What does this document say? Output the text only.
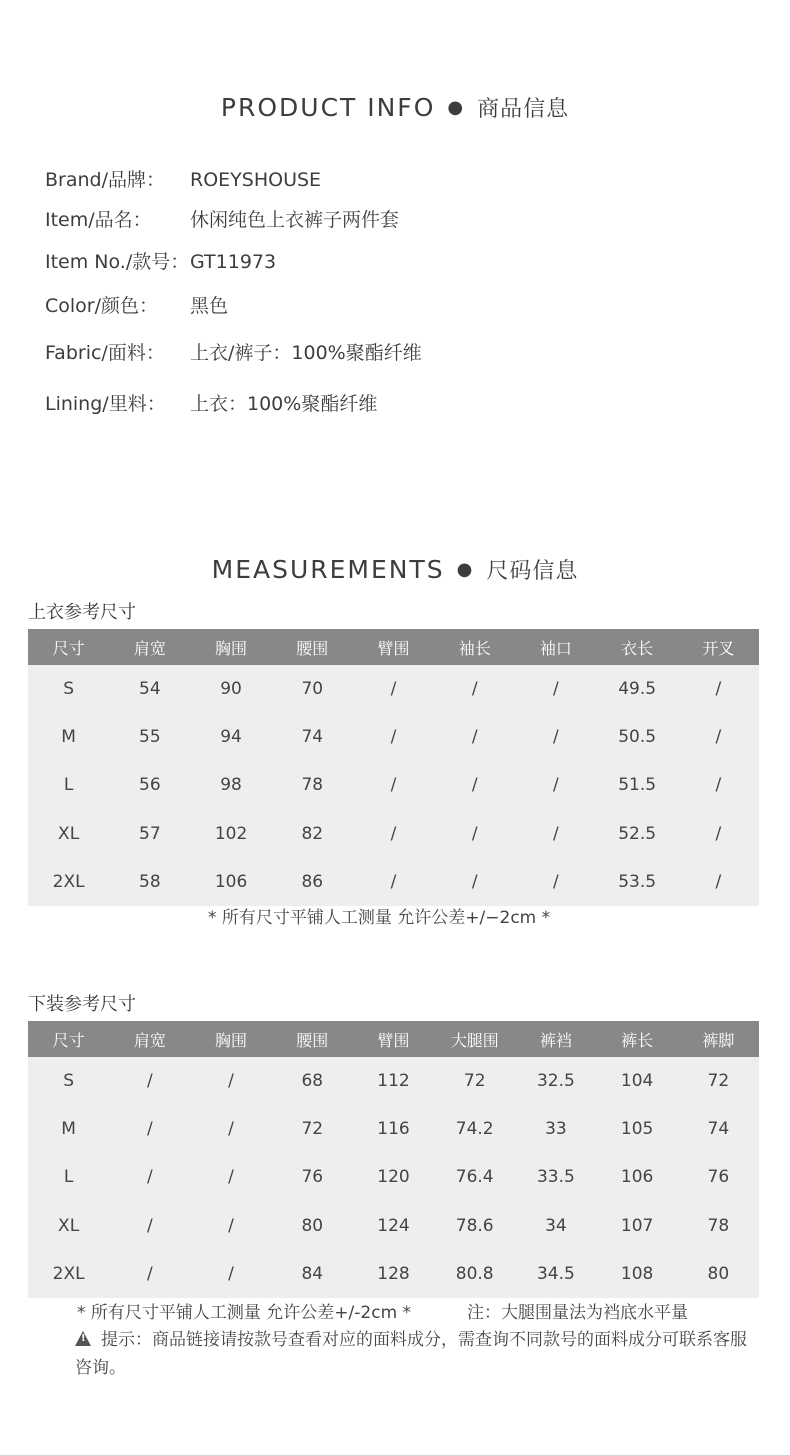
PRODUCT INFO ● 商品信息
Brand/品牌： ROEYSHOUSE
Item/品名： 休闲纯色上衣裤子两件套
Item No./款号：GT11973
Color/颜色： 黑色
Fabric/面料： 上衣/裤子：100%聚酯纤维
Lining/里料： 上衣：100%聚酯纤维
MEASUREMENTS ● 尺码信息
上衣参考尺寸
尺寸	肩宽	胸围	腰围	臂围	袖长	袖口	衣长	开叉
S	54	90	70	/	/	/	49.5	/
M	55	94	74	/	/	/	50.5	/
L	56	98	78	/	/	/	51.5	/
XL	57	102	82	/	/	/	52.5	/
2XL	58	106	86	/	/	/	53.5	/
* 所有尺寸平铺人工测量 允许公差+/−2cm *
下装参考尺寸
尺寸	肩宽	胸围	腰围	臂围	大腿围	裤裆	裤长	裤脚
S	/	/	68	112	72	32.5	104	72
M	/	/	72	116	74.2	33	105	74
L	/	/	76	120	76.4	33.5	106	76
XL	/	/	80	124	78.6	34	107	78
2XL	/	/	84	128	80.8	34.5	108	80
* 所有尺寸平铺人工测量 允许公差+/-2cm *	注：大腿围量法为裆底水平量
!提示：商品链接请按款号查看对应的面料成分，需查询不同款号的面料成分可联系客服咨询。
